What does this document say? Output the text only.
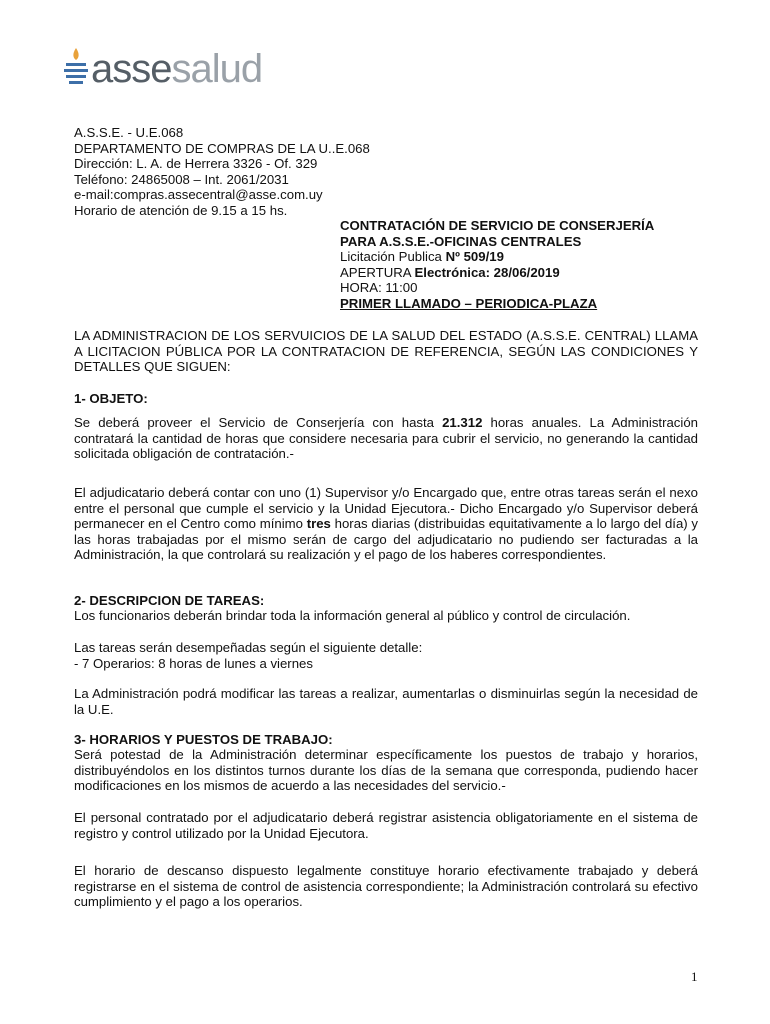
assesalud
A.S.S.E. - U.E.068
DEPARTAMENTO DE COMPRAS DE LA U..E.068
Dirección: L. A. de Herrera 3326 - Of. 329
Teléfono: 24865008 – Int. 2061/2031
e-mail:compras.assecentral@asse.com.uy
Horario de atención de 9.15 a 15 hs.
CONTRATACIÓN DE SERVICIO DE CONSERJERÍA
PARA A.S.S.E.-OFICINAS CENTRALES
Licitación Publica Nº 509/19
APERTURA Electrónica: 28/06/2019
HORA: 11:00
PRIMER LLAMADO – PERIODICA-PLAZA

LA ADMINISTRACION DE LOS SERVUICIOS DE LA SALUD DEL ESTADO (A.S.S.E. CENTRAL) LLAMA A LICITACION PÚBLICA POR LA CONTRATACION DE REFERENCIA, SEGÚN LAS CONDICIONES Y DETALLES QUE SIGUEN:

1- OBJETO:

Se deberá proveer el Servicio de Conserjería con hasta 21.312 horas anuales. La Administración contratará la cantidad de horas que considere necesaria para cubrir el servicio, no generando la cantidad solicitada obligación de contratación.-

El adjudicatario deberá contar con uno (1) Supervisor y/o Encargado que, entre otras tareas serán el nexo entre el personal que cumple el servicio y la Unidad Ejecutora.- Dicho Encargado y/o Supervisor deberá permanecer en el Centro como mínimo tres horas diarias (distribuidas equitativamente a lo largo del día) y las horas trabajadas por el mismo serán de cargo del adjudicatario no pudiendo ser facturadas a la Administración, la que controlará su realización y el pago de los haberes correspondientes.

2- DESCRIPCION DE TAREAS:

Los funcionarios deberán brindar toda la información general al público y control de circulación.

Las tareas serán desempeñadas según el siguiente detalle:
- 7 Operarios: 8 horas de lunes a viernes

La Administración podrá modificar las tareas a realizar, aumentarlas o disminuirlas según la necesidad de la U.E.

3- HORARIOS Y PUESTOS DE TRABAJO:

Será potestad de la Administración determinar específicamente los puestos de trabajo y horarios, distribuyéndolos en los distintos turnos durante los días de la semana que corresponda, pudiendo hacer modificaciones en los mismos de acuerdo a las necesidades del servicio.-

El personal contratado por el adjudicatario deberá registrar asistencia obligatoriamente en el sistema de registro y control utilizado por la Unidad Ejecutora.

El horario de descanso dispuesto legalmente constituye horario efectivamente trabajado y deberá registrarse en el sistema de control de asistencia correspondiente; la Administración controlará su efectivo cumplimiento y el pago a los operarios.

1
